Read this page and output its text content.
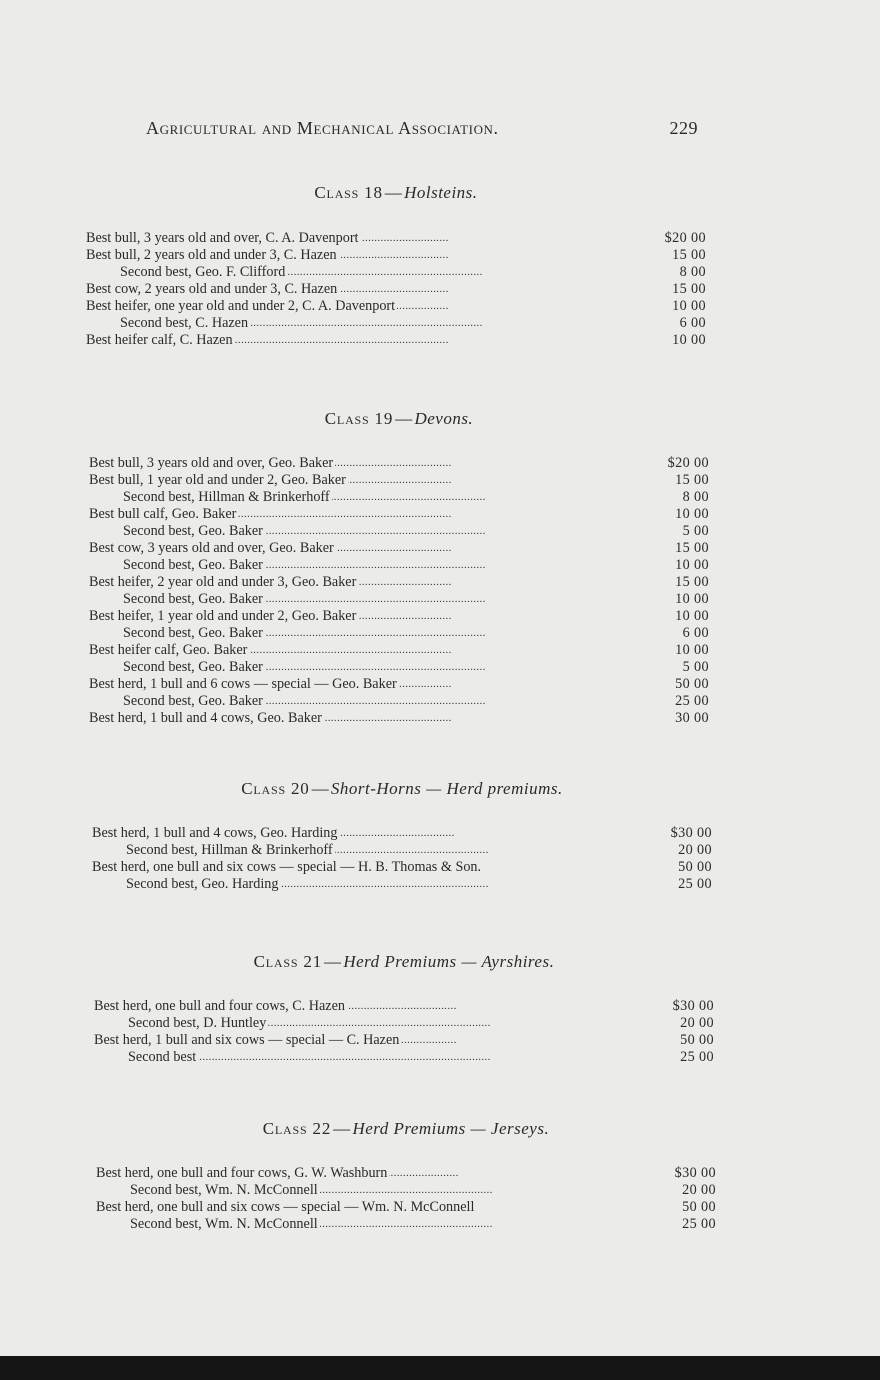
Agricultural and Mechanical Association.	229
Class 18 — Holsteins.
Best bull, 3 years old and over, C. A. Davenport . . .	$20 00
Best bull, 2 years old and under 3, C. Hazen . . .	15 00
Second best, Geo. F. Clifford . . .	8 00
Best cow, 2 years old and under 3, C. Hazen . . .	15 00
Best heifer, one year old and under 2, C. A. Davenport . . .	10 00
Second best, C. Hazen . . .	6 00
Best heifer calf, C. Hazen . . .	10 00
Class 19 — Devons.
Best bull, 3 years old and over, Geo. Baker . . .	$20 00
Best bull, 1 year old and under 2, Geo. Baker . . .	15 00
Second best, Hillman & Brinkerhoff . . .	8 00
Best bull calf, Geo. Baker . . .	10 00
Second best, Geo. Baker . . .	5 00
Best cow, 3 years old and over, Geo. Baker . . .	15 00
Second best, Geo. Baker . . .	10 00
Best heifer, 2 year old and under 3, Geo. Baker . . .	15 00
Second best, Geo. Baker . . .	10 00
Best heifer, 1 year old and under 2, Geo. Baker . . .	10 00
Second best, Geo. Baker . . .	6 00
Best heifer calf, Geo. Baker . . .	10 00
Second best, Geo. Baker . . .	5 00
Best herd, 1 bull and 6 cows — special — Geo. Baker . . .	50 00
Second best, Geo. Baker . . .	25 00
Best herd, 1 bull and 4 cows, Geo. Baker . . .	30 00
Class 20 — Short-Horns — Herd premiums.
Best herd, 1 bull and 4 cows, Geo. Harding . . .	$30 00
Second best, Hillman & Brinkerhoff . . .	20 00
Best herd, one bull and six cows — special — H. B. Thomas & Son. . . .	50 00
Second best, Geo. Harding . . .	25 00
Class 21 — Herd Premiums — Ayrshires.
Best herd, one bull and four cows, C. Hazen . . .	$30 00
Second best, D. Huntley . . .	20 00
Best herd, 1 bull and six cows — special — C. Hazen . . .	50 00
Second best . . .	25 00
Class 22 — Herd Premiums — Jerseys.
Best herd, one bull and four cows, G. W. Washburn . . .	$30 00
Second best, Wm. N. McConnell . . .	20 00
Best herd, one bull and six cows — special — Wm. N. McConnell . . .	50 00
Second best, Wm. N. McConnell . . .	25 00
